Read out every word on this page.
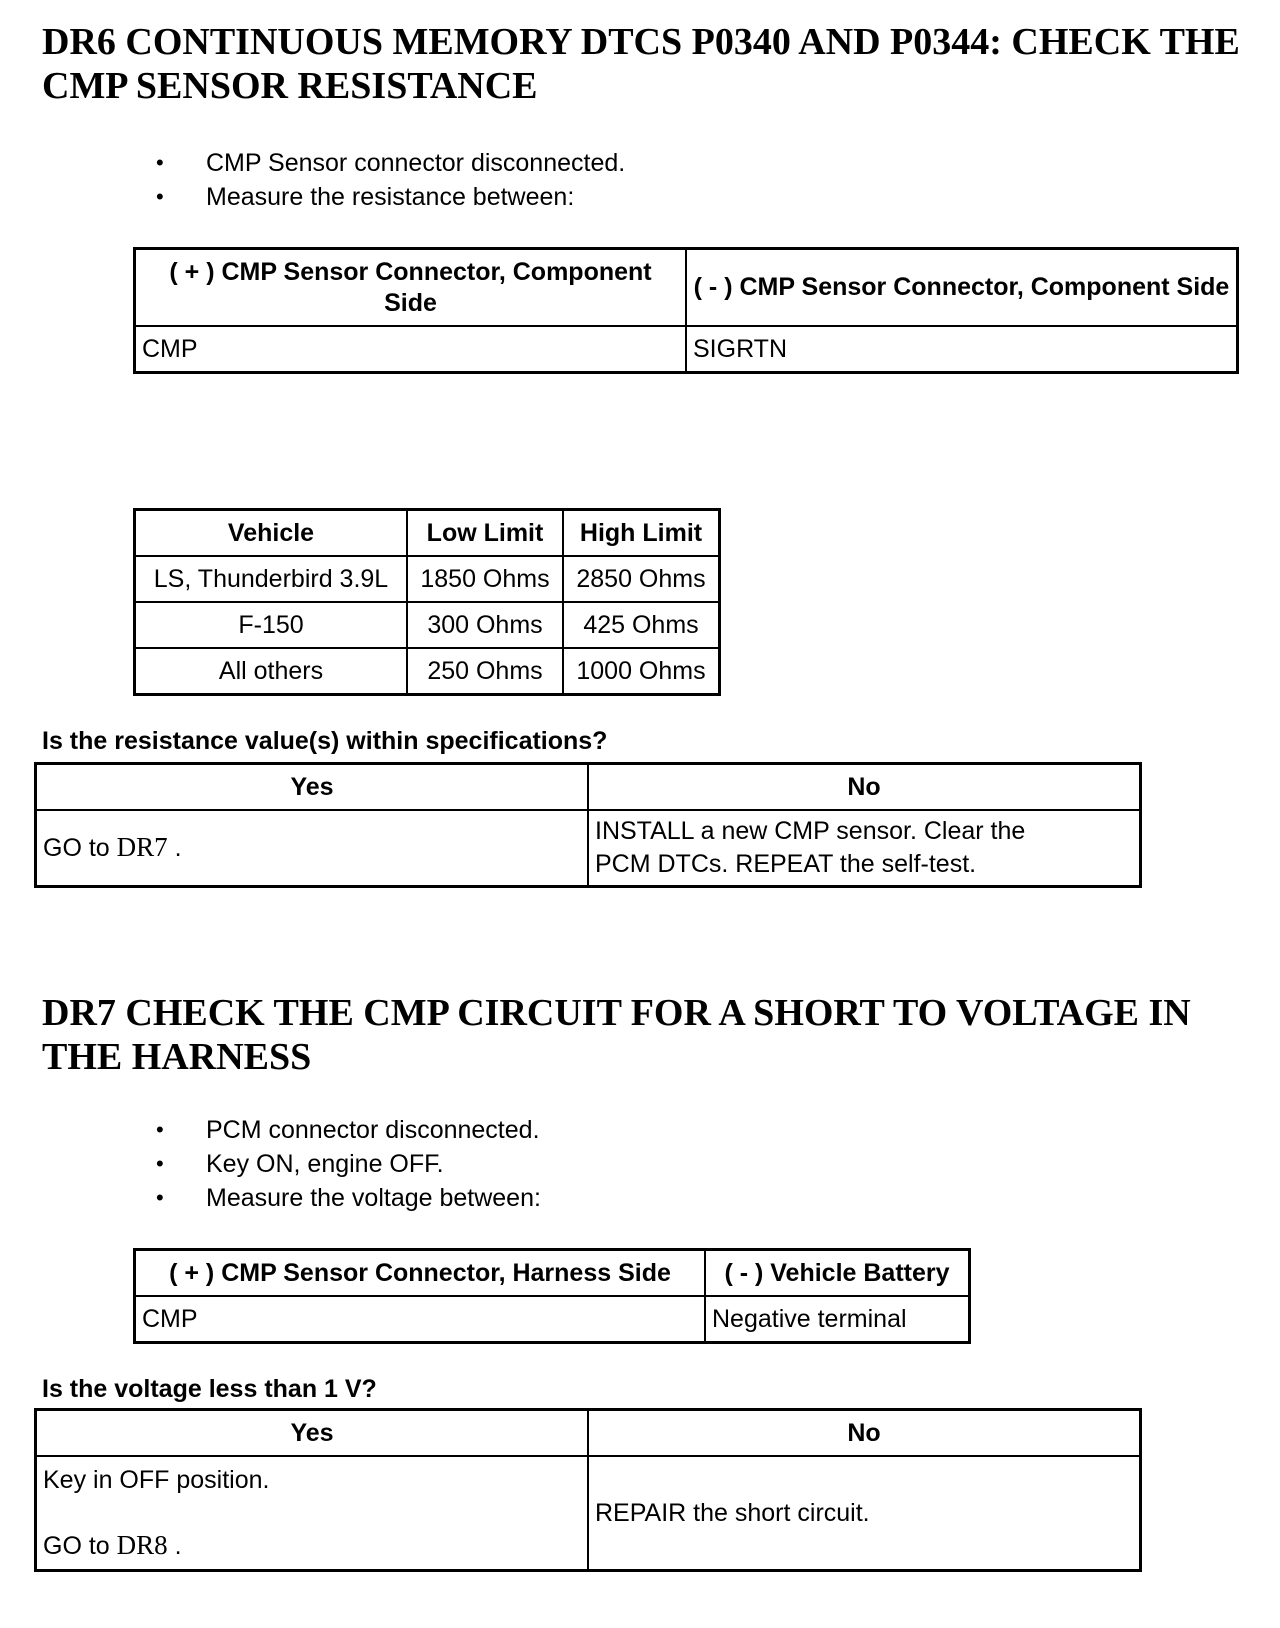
DR6 CONTINUOUS MEMORY DTCS P0340 AND P0344: CHECK THE CMP SENSOR RESISTANCE
• CMP Sensor connector disconnected.
• Measure the resistance between:
( + ) CMP Sensor Connector, Component Side	( - ) CMP Sensor Connector, Component Side
CMP	SIGRTN
Vehicle	Low Limit	High Limit
LS, Thunderbird 3.9L	1850 Ohms	2850 Ohms
F-150	300 Ohms	425 Ohms
All others	250 Ohms	1000 Ohms

Is the resistance value(s) within specifications?

Yes	No
GO to DR7 .	INSTALL a new CMP sensor. Clear the
PCM DTCs. REPEAT the self-test.
DR7 CHECK THE CMP CIRCUIT FOR A SHORT TO VOLTAGE IN THE HARNESS
• PCM connector disconnected.
• Key ON, engine OFF.
• Measure the voltage between:
( + ) CMP Sensor Connector, Harness Side	( - ) Vehicle Battery
CMP	Negative terminal

Is the voltage less than 1 V?

Yes	No

Key in OFF position.
GO to DR8 .	REPAIR the short circuit.
